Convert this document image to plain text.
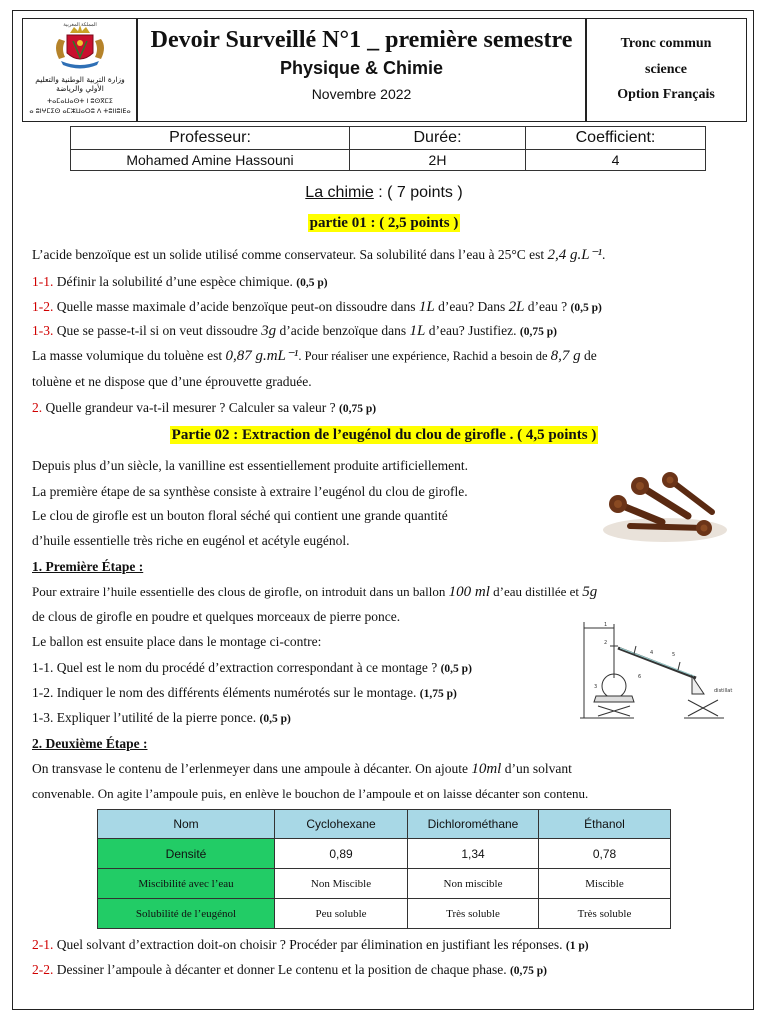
المملكة المغربية
وزارة التربية الوطنية والتعليم الأولي والرياضة
ⵜⴰⵎⴰⵡⴰⵙⵜ ⵏ ⵓⵙⴳⵎⵉ
ⴰ ⵓⵏⵖⵎⵉⵙ ⴰⵎⵣⵡⴰⵔⵓ ⴷ ⵜⵓⵏⵏⵓⵏⴹⴰ
Devoir Surveillé N°1 _ première semestre
Physique & Chimie
Novembre 2022
Tronc commun
science
Option Français
Professeur:	Durée:	Coefficient:
Mohamed Amine Hassouni	2H	4
La chimie : ( 7 points )
partie 01 : ( 2,5 points )
L’acide benzoïque est un solide utilisé comme conservateur. Sa solubilité dans l’eau à 25°C est 2,4 g.L⁻¹.
1-1. Définir la solubilité d’une espèce chimique. (0,5 p)
1-2. Quelle masse maximale d’acide benzoïque peut-on dissoudre dans 1L d’eau? Dans 2L d’eau ? (0,5 p)
1-3. Que se passe-t-il si on veut dissoudre 3g d’acide benzoïque dans 1L d’eau? Justifiez. (0,75 p)
La masse volumique du toluène est 0,87 g.mL⁻¹. Pour réaliser une expérience, Rachid a besoin de 8,7 g de
toluène et ne dispose que d’une éprouvette graduée.
2. Quelle grandeur va-t-il mesurer ? Calculer sa valeur ? (0,75 p)
Partie 02 : Extraction de l’eugénol du clou de girofle . ( 4,5 points )
Depuis plus d’un siècle, la vanilline est essentiellement produite artificiellement.
La première étape de sa synthèse consiste à extraire l’eugénol du clou de girofle.
Le clou de girofle est un bouton floral séché qui contient une grande quantité
d’huile essentielle très riche en eugénol et acétyle eugénol.
1. Première Étape :
Pour extraire l’huile essentielle des clous de girofle, on introduit dans un ballon 100 ml d’eau distillée et 5g
de clous de girofle en poudre et quelques morceaux de pierre ponce.
Le ballon est ensuite place dans le montage ci-contre:
1-1. Quel est le nom du procédé d’extraction correspondant à ce montage ? (0,5 p)
1-2. Indiquer le nom des différents éléments numérotés sur le montage. (1,75 p)
1-3. Expliquer l’utilité de la pierre ponce. (0,5 p)
1
2
3
4	5
6
distillat
2. Deuxième Étape :
On transvase le contenu de l’erlenmeyer dans une ampoule à décanter. On ajoute 10ml d’un solvant
convenable. On agite l’ampoule puis, en enlève le bouchon de l’ampoule et on laisse décanter son contenu.
Nom	Cyclohexane	Dichlorométhane	Éthanol
Densité	0,89	1,34	0,78
Miscibilité avec l’eau	Non Miscible	Non miscible	Miscible
Solubilité de l’eugénol	Peu soluble	Très soluble	Très soluble
2-1. Quel solvant d’extraction doit-on choisir ? Procéder par élimination en justifiant les réponses. (1 p)
2-2. Dessiner l’ampoule à décanter et donner Le contenu et la position de chaque phase. (0,75 p)
